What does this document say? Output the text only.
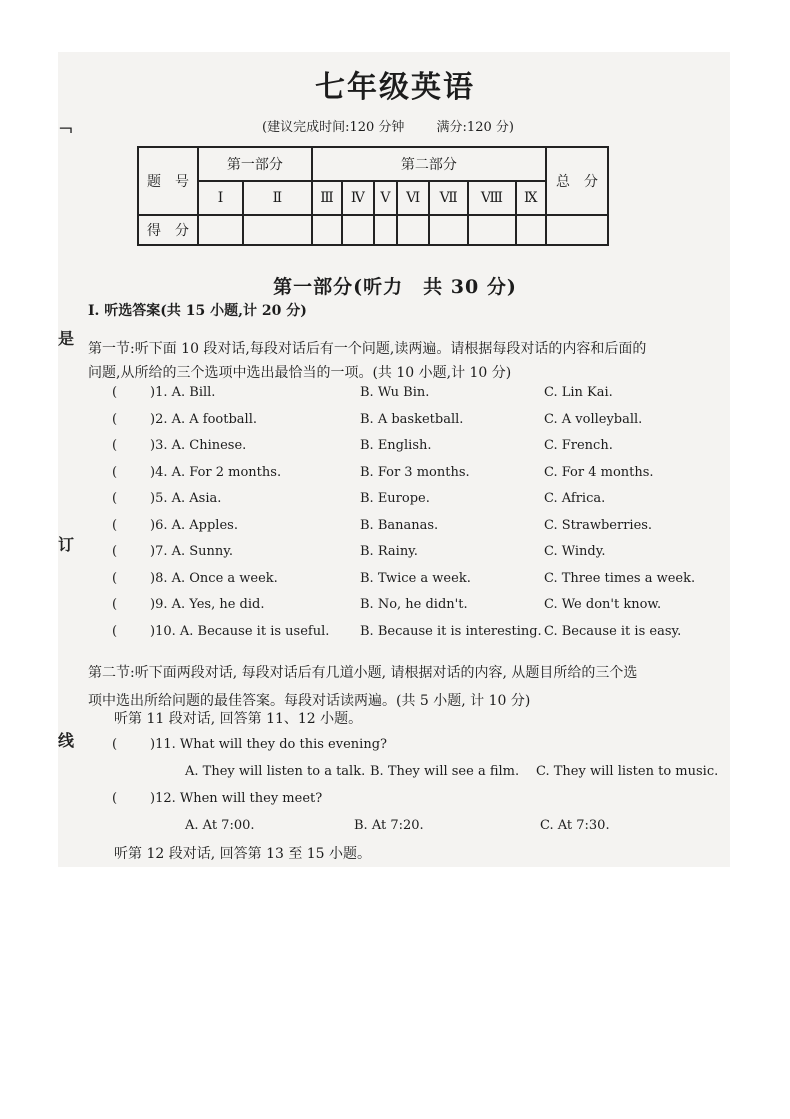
￢
是
订
线
七年级英语
(建议完成时间:120 分钟 满分:120 分)
题　号	第一部分		第二部分							总　分
	Ⅰ	Ⅱ	Ⅲ	Ⅳ	Ⅴ	Ⅵ	Ⅶ	Ⅷ	Ⅸ	
得　分										
第一部分(听力　共 30 分)
Ⅰ. 听选答案(共 15 小题,计 20 分)
第一节:听下面 10 段对话,每段对话后有一个问题,读两遍。请根据每段对话的内容和后面的
问题,从所给的三个选项中选出最恰当的一项。(共 10 小题,计 10 分)
(	)1. A. Bill.	B. Wu Bin.	C. Lin Kai.
(	)2. A. A football.	B. A basketball.	C. A volleyball.
(	)3. A. Chinese.	B. English.	C. French.
(	)4. A. For 2 months.	B. For 3 months.	C. For 4 months.
(	)5. A. Asia.	B. Europe.	C. Africa.
(	)6. A. Apples.	B. Bananas.	C. Strawberries.
(	)7. A. Sunny.	B. Rainy.	C. Windy.
(	)8. A. Once a week.	B. Twice a week.	C. Three times a week.
(	)9. A. Yes, he did.	B. No, he didn't.	C. We don't know.
(	)10. A. Because it is useful. B. Because it is interesting. C. Because it is easy.
第二节:听下面两段对话, 每段对话后有几道小题, 请根据对话的内容, 从题目所给的三个选
项中选出所给问题的最佳答案。每段对话读两遍。(共 5 小题, 计 10 分)
听第 11 段对话, 回答第 11、12 小题。
(	)11. What will they do this evening?
A. They will listen to a talk. B. They will see a film. C. They will listen to music.
(	)12. When will they meet?
A. At 7:00.	B. At 7:20.	C. At 7:30.
听第 12 段对话, 回答第 13 至 15 小题。
